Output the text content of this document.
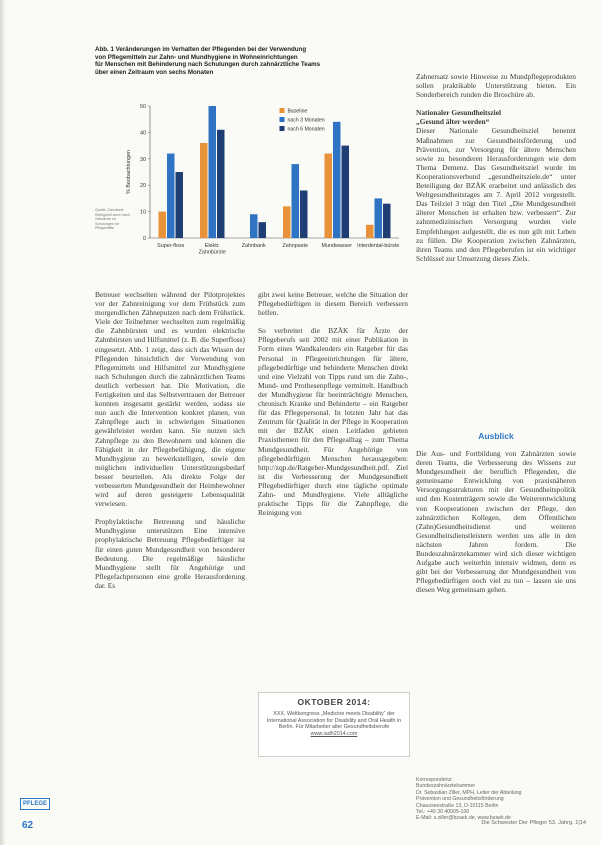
Abb. 1 Veränderungen im Verhalten der Pflegenden bei der Verwendung
von Pflegemitteln zur Zahn- und Mundhygiene in Wohneinrichtungen
für Menschen mit Behinderung nach Schulungen durch zahnärztliche Teams
über einen Zeitraum von sechs Monaten
Quelle: Zahnärzte
Kittelgrün/Lanze nach
Zahnärzte im
Schulungen für
Pflegekräfte
0
10
20
30
40
50
% Beobachtungen
Super-floss	Elektr.
Zahnbürste
Zahnbank	Zahnpaste Mundwasser Interdental-bürste
Baseline
nach 3 Monaten
nach 6 Monaten

Betreuer wechselten während der Pilotprojektes vor der Zahnreinigung vor dem Frühstück zum morgendlichen Zähneputzen nach dem Frühstück. Viele der Teilnehmer wechselten zum regelmäßig die Zahnbürsten und es wurden elektrische Zahnbürsten und Hilfsmittel (z. B. die Superfloss) eingesetzt. Abb. 1 zeigt, dass sich das Wissen der Pflegenden hinsichtlich der Verwendung von Pflegemitteln und Hilfsmittel zur Mundhygiene nach Schulungen durch die zahnärztlichen Teams deutlich verbessert hat. Die Motivation, die Fertigkeiten und das Selbstvertrauen der Betreuer konnten insgesamt gestärkt werden, sodass sie nun auch die Intervention konkret planen, von Zahnpflege auch in schwierigen Situationen gewährleistet werden kann. Sie nutzen sich Zahnpflege zu den Bewohnern und können die Fähigkeit in der Pflegebefähigung, die eigene Mundhygiene zu bewerkstelligen, sowie den möglichen individuellen Unterstützungsbedarf besser beurteilen. Als direkte Folge der verbesserten Mundgesundheit der Heimbewohner wird auf deren gesteigerte Lebensqualität verwiesen.

Prophylaktische Betreuung und häusliche Mundhygiene unterstützen Eine intensive prophylaktische Betreuung Pflegebedürftiger ist für einen guten Mundgesundheit von besonderer Bedeutung. Die regelmäßige häusliche Mundhygiene stellt für Angehörige und Pflegefachpersonen eine große Herausforderung dar. Es

gibt zwei keine Betreuer, welche die Situation der Pflegebedürftigen in diesem Bereich verbessern helfen.

So verbreitet die BZÄK für Ärzte der Pflegeberufs seit 2002 mit einer Publikation in Form eines Wandkalenders ein Ratgeber für das Personal in Pflegeeinrichtungen für ältere, pflegebedürftige und behinderte Menschen direkt und eine Vielzahl von Tipps rund um die Zahn-, Mund- und Prothesenpflege vermittelt. Handbuch der Mundhygiene für beeinträchtigte Menschen, chronisch Kranke und Behinderte – ein Ratgeber für das Pflegepersonal. In letzten Jahr hat das Zentrum für Qualität in der Pflege in Kooperation mit der BZÄK einen Leitfaden gebieten Praxisthemen für den Pflegealltag – zum Thema Mundgesundheit. Für Angehörige von pflegebedürftigen Menschen herausgegeben: http://zqp.de/Ratgeber-Mundgesundheit.pdf. Ziel ist die Verbesserung der Mundgesundheit Pflegebedürftiger durch eine tägliche optimale Zahn- und Mundhygiene. Viele alltägliche praktische Tipps für die Zahnpflege, die Reinigung von

Zahnersatz sowie Hinweise zu Mundpflegeprodukten sollen praktikable Unterstützung bieten. Ein Sonderbereich runden die Broschüre ab.

Nationaler Gesundheitsziel
„Gesund älter werden“

Dieser Nationale Gesundheitsziel benennt Maßnahmen zur Gesundheitsförderung und Prävention, zur Versorgung für ältere Menschen sowie zu besonderen Herausforderungen wie dem Thema Demenz. Das Gesundheitsziel wurde im Kooperationsverbund „gesundheitsziele.de“ unter Beteiligung der BZÄK erarbeitet und anlässlich des Weltgesundheitstages am 7. April 2012 vorgestellt. Das Teilziel 3 trägt den Titel „Die Mundgesundheit älterer Menschen ist erhalten bzw. verbessert“. Zur zahnmedizinischen Versorgung wurden viele Empfehlungen aufgestellt, die es nun gilt mit Leben zu füllen. Die Kooperation zwischen Zahnärzten, ihren Teams und den Pflegeberufen ist ein wichtiger Schlüssel zur Umsetzung dieses Ziels.

Ausblick

Die Aus- und Fortbildung von Zahnärzten sowie deren Teams, die Verbesserung des Wissens zur Mundgesundheit der beruflich Pflegenden, die gemeinsame Entwicklung von praxisnäheren Versorgungsstrukturen mit der Gesundheitspolitik und den Kostenträgern sowie die Weiterentwicklung von Kooperationen zwischen der Pflege, den zahnärztlichen Kollegen, dem Öffentlichen (Zahn)Gesundheitsdienst und weiteren Gesundheitsdienstleistern werden uns alle in den nächsten Jahren fordern. Die Bundeszahnärztekammer wird sich dieser wichtigen Aufgabe auch weiterhin intensiv widmen, denn es gibt bei der Verbesserung der Mundgesundheit von Pflegebedürftigen noch viel zu tun – lassen sie uns diesen Weg gemeinsam gehen.

OKTOBER 2014:
XXX. Weltkongress „Medicine meets Disability“ der International Association for Disability and Oral Health in Berlin. Für Mitarbeiter aller Gesundheitsberufe
www.iadh2014.com
Korrespondenz:
Bundeszahnärztekammer
Dr. Sebastian Ziller, MPH, Leiter der Abteilung
Prävention und Gesundheitsförderung
Chausseestraße 13, D-10115 Berlin
Tel.: +49 30 40005-100
E-Mail: s.ziller@bzaek.de, www.bzaek.de
PFLEGE
62	Die Schwester Der Pfleger 53. Jahrg. 1|14
